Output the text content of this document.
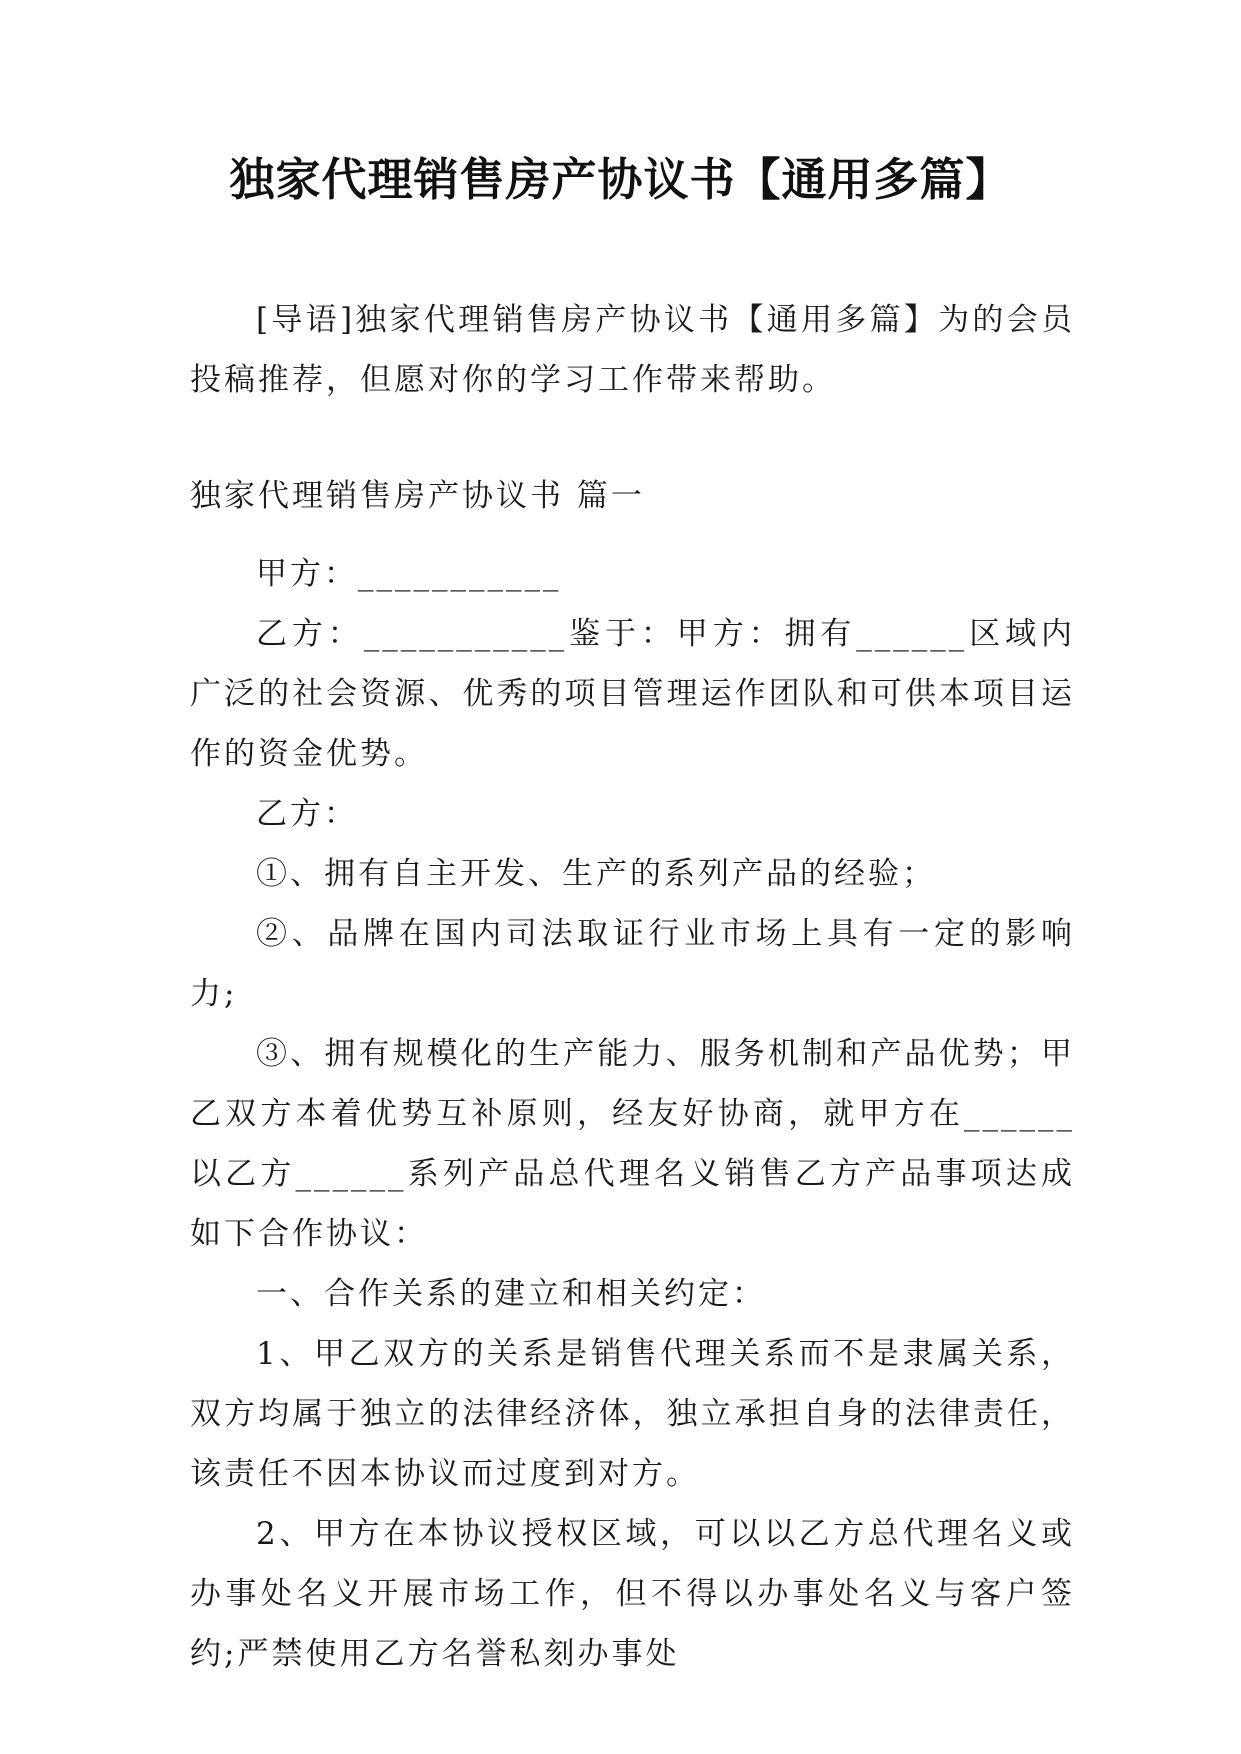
独家代理销售房产协议书【通用多篇】

[导语]独家代理销售房产协议书【通用多篇】为的会员投稿推荐，但愿对你的学习工作带来帮助。

独家代理销售房产协议书 篇一

甲方：___________

乙方：___________鉴于：甲方：拥有______区域内广泛的社会资源、优秀的项目管理运作团队和可供本项目运作的资金优势。

乙方：

①、拥有自主开发、生产的系列产品的经验；

②、品牌在国内司法取证行业市场上具有一定的影响力;

③、拥有规模化的生产能力、服务机制和产品优势；甲乙双方本着优势互补原则，经友好协商，就甲方在______以乙方______系列产品总代理名义销售乙方产品事项达成如下合作协议：

一、合作关系的建立和相关约定：

1、甲乙双方的关系是销售代理关系而不是隶属关系，双方均属于独立的法律经济体，独立承担自身的法律责任，该责任不因本协议而过度到对方。

2、甲方在本协议授权区域，可以以乙方总代理名义或办事处名义开展市场工作，但不得以办事处名义与客户签约;严禁使用乙方名誉私刻办事处
